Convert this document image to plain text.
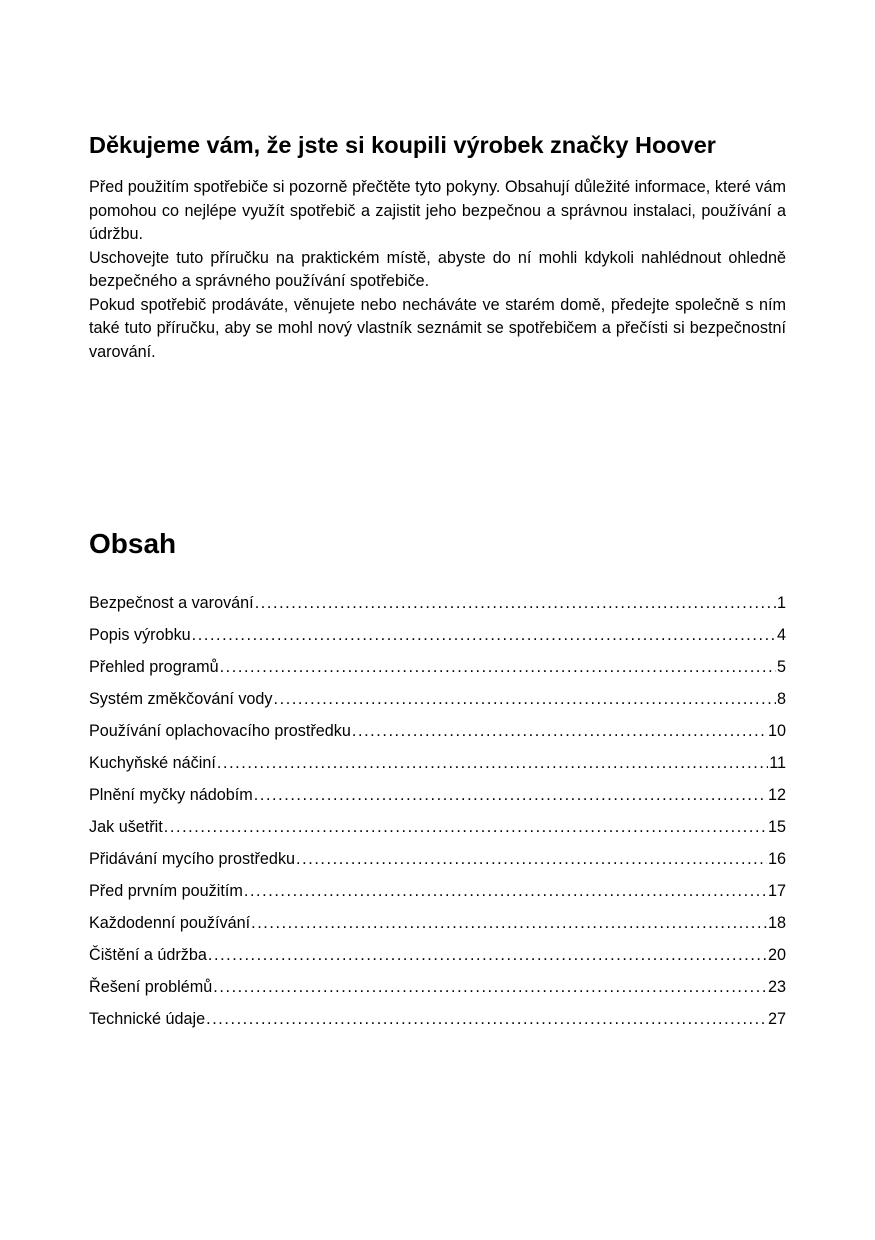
Děkujeme vám, že jste si koupili výrobek značky Hoover

Před použitím spotřebiče si pozorně přečtěte tyto pokyny. Obsahují důležité informace, které vám pomohou co nejlépe využít spotřebič a zajistit jeho bezpečnou a správnou instalaci, používání a údržbu.

Uschovejte tuto příručku na praktickém místě, abyste do ní mohli kdykoli nahlédnout ohledně bezpečného a správného používání spotřebiče.

Pokud spotřebič prodáváte, věnujete nebo necháváte ve starém domě, předejte společně s ním také tuto příručku, aby se mohl nový vlastník seznámit se spotřebičem a přečísti si bezpečnostní varování.

Obsah
Bezpečnost a varování . . .	1
Popis výrobku . . .	4
Přehled programů . . .	5
Systém změkčování vody . . .	8
Používání oplachovacího prostředku . . .	10
Kuchyňské náčiní . . .	11
Plnění myčky nádobím . . .	12
Jak ušetřit . . .	15
Přidávání mycího prostředku . . .	16
Před prvním použitím . . .	17
Každodenní používání . . .	18
Čištění a údržba . . .	20
Řešení problémů . . .	23
Technické údaje . . .	27
